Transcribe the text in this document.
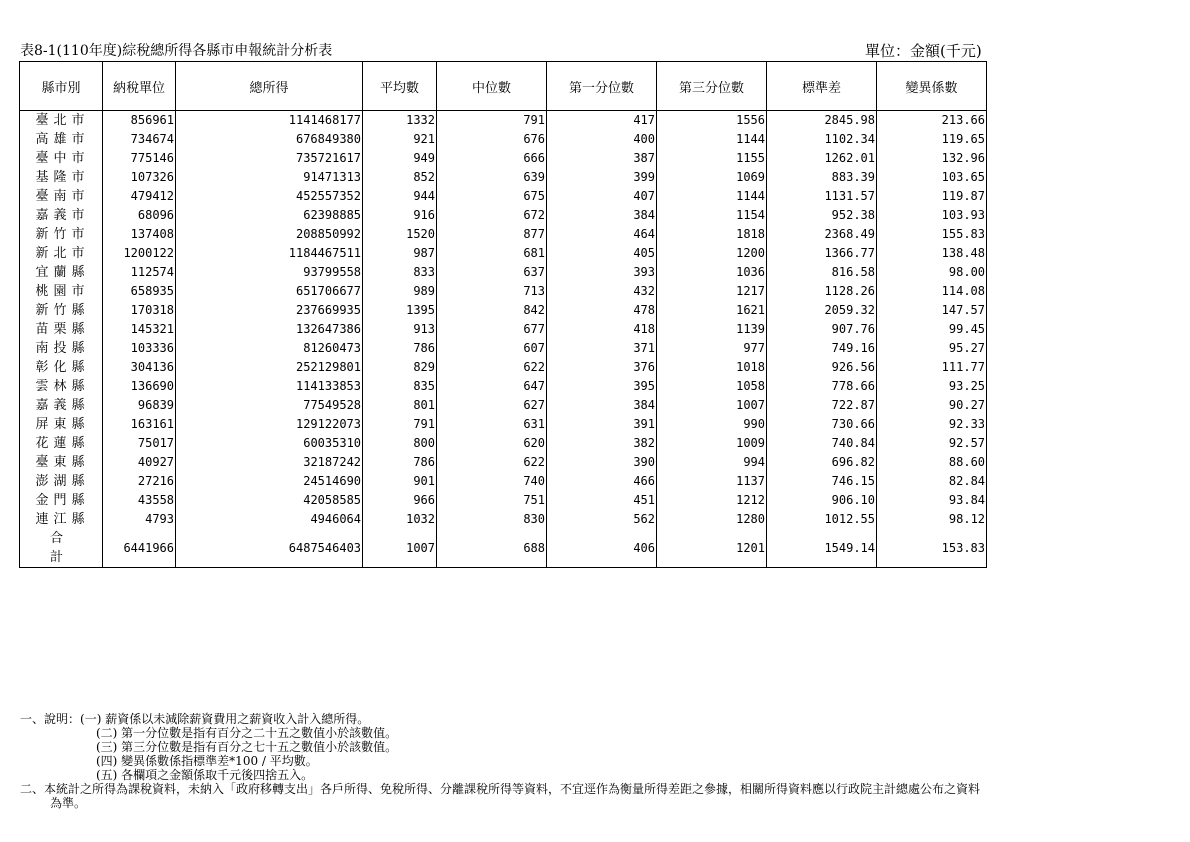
表8-1(110年度)綜稅總所得各縣市申報統計分析表	單位：金額(千元)
縣市別	納稅單位	總所得	平均數	中位數	第一分位數	第三分位數	標準差	變異係數
臺北市	856961	1141468177	1332	791	417	1556	2845.98	213.66
高雄市	734674	676849380	921	676	400	1144	1102.34	119.65
臺中市	775146	735721617	949	666	387	1155	1262.01	132.96
基隆市	107326	91471313	852	639	399	1069	883.39	103.65
臺南市	479412	452557352	944	675	407	1144	1131.57	119.87
嘉義市	68096	62398885	916	672	384	1154	952.38	103.93
新竹市	137408	208850992	1520	877	464	1818	2368.49	155.83
新北市	1200122	1184467511	987	681	405	1200	1366.77	138.48
宜蘭縣	112574	93799558	833	637	393	1036	816.58	98.00
桃園市	658935	651706677	989	713	432	1217	1128.26	114.08
新竹縣	170318	237669935	1395	842	478	1621	2059.32	147.57
苗栗縣	145321	132647386	913	677	418	1139	907.76	99.45
南投縣	103336	81260473	786	607	371	977	749.16	95.27
彰化縣	304136	252129801	829	622	376	1018	926.56	111.77
雲林縣	136690	114133853	835	647	395	1058	778.66	93.25
嘉義縣	96839	77549528	801	627	384	1007	722.87	90.27
屏東縣	163161	129122073	791	631	391	990	730.66	92.33
花蓮縣	75017	60035310	800	620	382	1009	740.84	92.57
臺東縣	40927	32187242	786	622	390	994	696.82	88.60
澎湖縣	27216	24514690	901	740	466	1137	746.15	82.84
金門縣	43558	42058585	966	751	451	1212	906.10	93.84
連江縣	4793	4946064	1032	830	562	1280	1012.55	98.12
合計	6441966	6487546403	1007	688	406	1201	1549.14	153.83
一、說明：(一) 薪資係以未減除薪資費用之薪資收入計入總所得。
(二) 第一分位數是指有百分之二十五之數值小於該數值。
(三) 第三分位數是指有百分之七十五之數值小於該數值。
(四) 變異係數係指標準差*100 / 平均數。
(五) 各欄項之金額係取千元後四捨五入。
二、本統計之所得為課稅資料，未納入「政府移轉支出」各戶所得、免稅所得、分離課稅所得等資料，不宜逕作為衡量所得差距之參據，相關所得資料應以行政院主計總處公布之資料
為準。
